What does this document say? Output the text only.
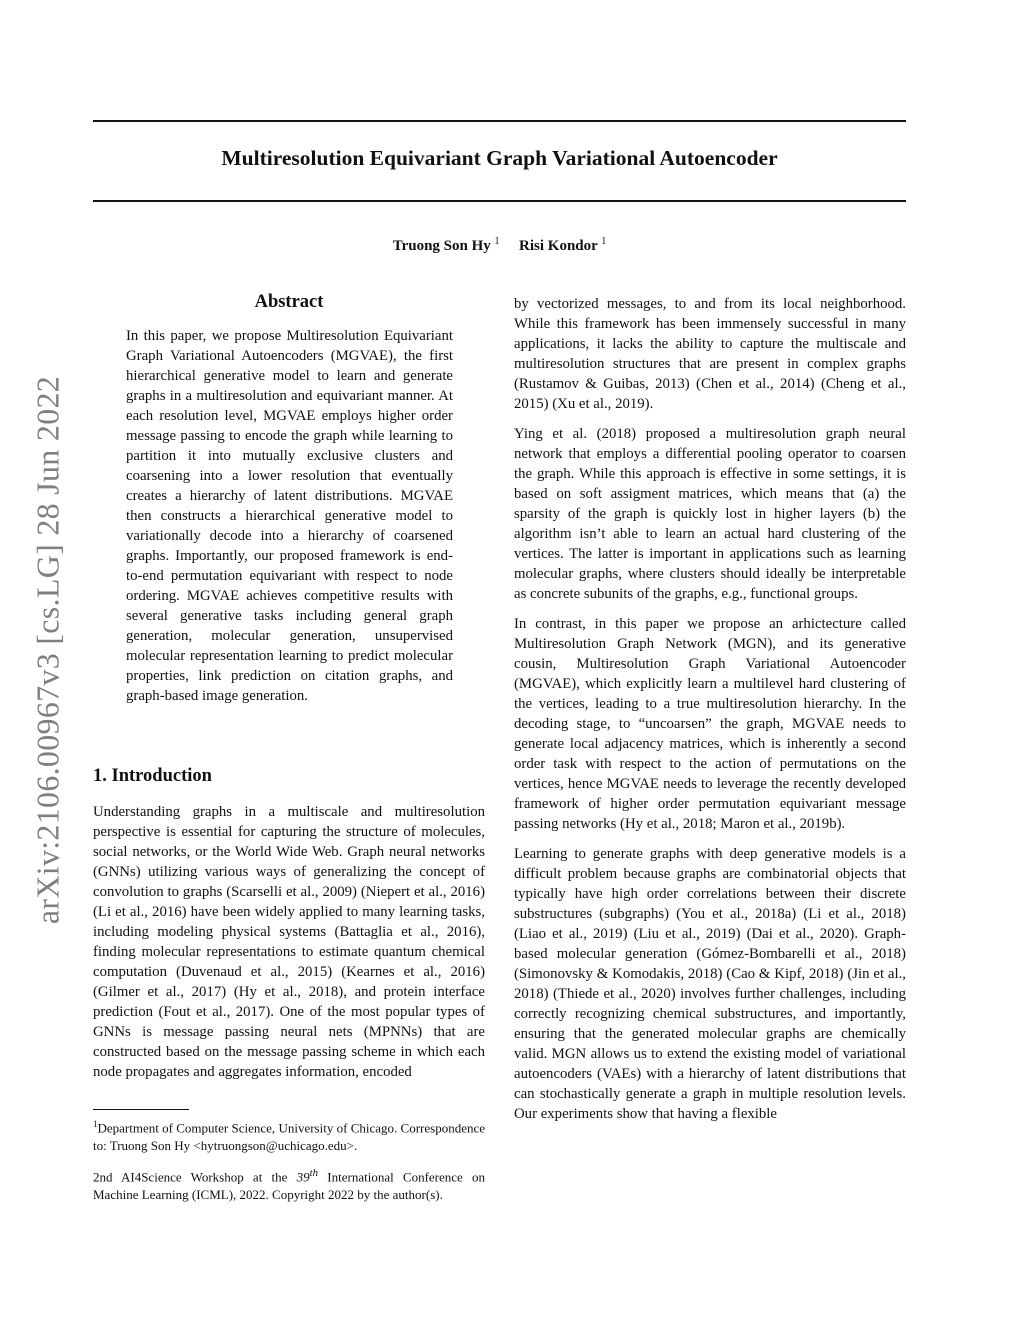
Multiresolution Equivariant Graph Variational Autoencoder
Truong Son Hy $^1$ Risi Kondor $^1$
arXiv:2106.00967v3 [cs.LG] 28 Jun 2022
Abstract

In this paper, we propose Multiresolution Equivariant Graph Variational Autoencoders (MGVAE), the first hierarchical generative model to learn and generate graphs in a multiresolution and equivariant manner. At each resolution level, MGVAE employs higher order message passing to encode the graph while learning to partition it into mutually exclusive clusters and coarsening into a lower resolution that eventually creates a hierarchy of latent distributions. MGVAE then constructs a hierarchical generative model to variationally decode into a hierarchy of coarsened graphs. Importantly, our proposed framework is end-to-end permutation equivariant with respect to node ordering. MGVAE achieves competitive results with several generative tasks including general graph generation, molecular generation, unsupervised molecular representation learning to predict molecular properties, link prediction on citation graphs, and graph-based image generation.

1. Introduction

Understanding graphs in a multiscale and multiresolution perspective is essential for capturing the structure of molecules, social networks, or the World Wide Web. Graph neural networks (GNNs) utilizing various ways of generalizing the concept of convolution to graphs (Scarselli et al., 2009) (Niepert et al., 2016) (Li et al., 2016) have been widely applied to many learning tasks, including modeling physical systems (Battaglia et al., 2016), finding molecular representations to estimate quantum chemical computation (Duvenaud et al., 2015) (Kearnes et al., 2016) (Gilmer et al., 2017) (Hy et al., 2018), and protein interface prediction (Fout et al., 2017). One of the most popular types of GNNs is message passing neural nets (MPNNs) that are constructed based on the message passing scheme in which each node propagates and aggregates information, encoded

$^1$Department of Computer Science, University of Chicago. Correspondence to: Truong Son Hy <hytruongson@uchicago.edu>.

2nd AI4Science Workshop at the 39th International Conference on Machine Learning (ICML), 2022. Copyright 2022 by the author(s).

by vectorized messages, to and from its local neighborhood. While this framework has been immensely successful in many applications, it lacks the ability to capture the multiscale and multiresolution structures that are present in complex graphs (Rustamov & Guibas, 2013) (Chen et al., 2014) (Cheng et al., 2015) (Xu et al., 2019).

Ying et al. (2018) proposed a multiresolution graph neural network that employs a differential pooling operator to coarsen the graph. While this approach is effective in some settings, it is based on soft assigment matrices, which means that (a) the sparsity of the graph is quickly lost in higher layers (b) the algorithm isn’t able to learn an actual hard clustering of the vertices. The latter is important in applications such as learning molecular graphs, where clusters should ideally be interpretable as concrete subunits of the graphs, e.g., functional groups.

In contrast, in this paper we propose an arhictecture called Multiresolution Graph Network (MGN), and its generative cousin, Multiresolution Graph Variational Autoencoder (MGVAE), which explicitly learn a multilevel hard clustering of the vertices, leading to a true multiresolution hierarchy. In the decoding stage, to “uncoarsen” the graph, MGVAE needs to generate local adjacency matrices, which is inherently a second order task with respect to the action of permutations on the vertices, hence MGVAE needs to leverage the recently developed framework of higher order permutation equivariant message passing networks (Hy et al., 2018; Maron et al., 2019b).

Learning to generate graphs with deep generative models is a difficult problem because graphs are combinatorial objects that typically have high order correlations between their discrete substructures (subgraphs) (You et al., 2018a) (Li et al., 2018) (Liao et al., 2019) (Liu et al., 2019) (Dai et al., 2020). Graph-based molecular generation (Gómez-Bombarelli et al., 2018) (Simonovsky & Komodakis, 2018) (Cao & Kipf, 2018) (Jin et al., 2018) (Thiede et al., 2020) involves further challenges, including correctly recognizing chemical substructures, and importantly, ensuring that the generated molecular graphs are chemically valid. MGN allows us to extend the existing model of variational autoencoders (VAEs) with a hierarchy of latent distributions that can stochastically generate a graph in multiple resolution levels. Our experiments show that having a flexible
